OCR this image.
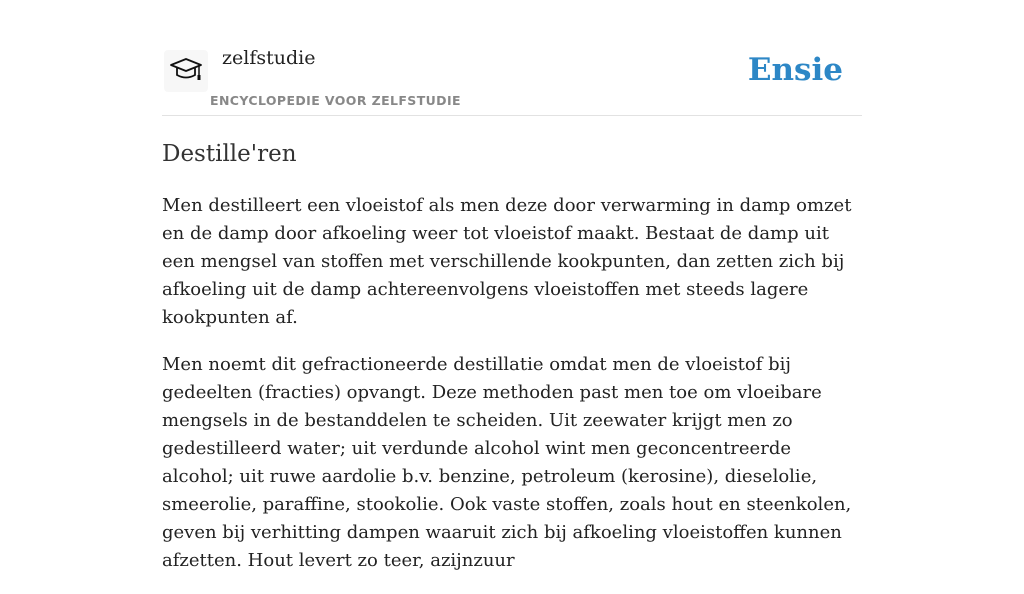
zelfstudie
ENCYCLOPEDIE VOOR ZELFSTUDIE
Ensie
Destille'ren

Men destilleert een vloeistof als men deze door verwarming in damp omzet en de damp door afkoeling weer tot vloeistof maakt. Bestaat de damp uit een mengsel van stoffen met verschillende kookpunten, dan zetten zich bij afkoeling uit de damp achtereenvolgens vloeistoffen met steeds lagere kookpunten af.

Men noemt dit gefractioneerde destillatie omdat men de vloeistof bij gedeelten (fracties) opvangt. Deze methoden past men toe om vloeibare mengsels in de bestanddelen te scheiden. Uit zeewater krijgt men zo gedestilleerd water; uit verdunde alcohol wint men geconcentreerde alcohol; uit ruwe aardolie b.v. benzine, petroleum (kerosine), dieselolie, smeerolie, paraffine, stookolie. Ook vaste stoffen, zoals hout en steenkolen, geven bij verhitting dampen waaruit zich bij afkoeling vloeistoffen kunnen afzetten. Hout levert zo teer, azijnzuur
